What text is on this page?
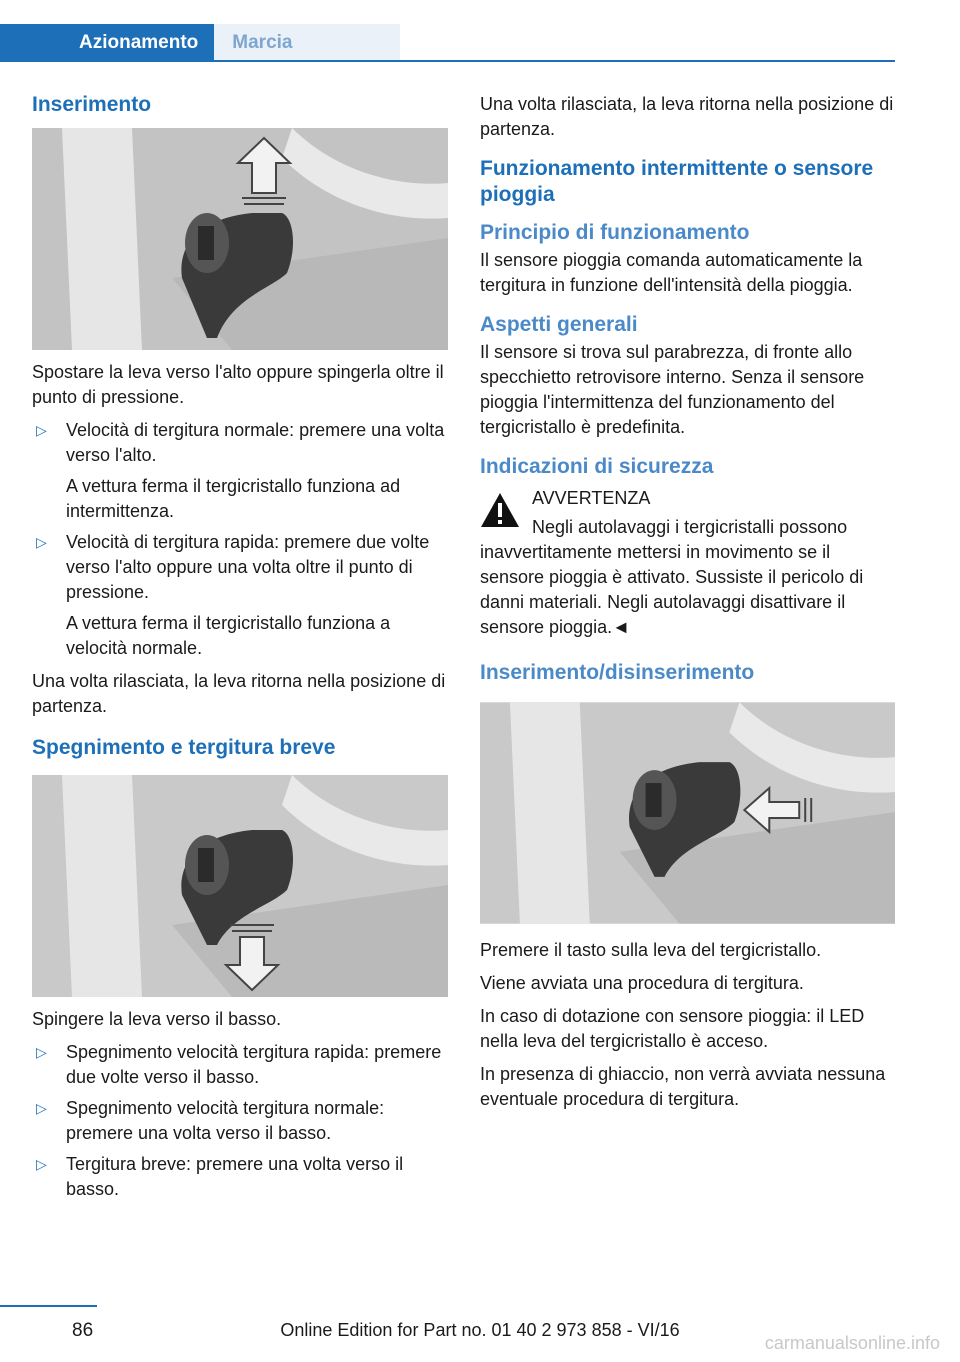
Azionamento	Marcia
Inserimento

Spostare la leva verso l'alto oppure spingerla oltre il punto di pressione.

▷ Velocità di tergitura normale: premere una volta verso l'alto.

A vettura ferma il tergicristallo funziona ad intermittenza.

▷ Velocità di tergitura rapida: premere due volte verso l'alto oppure una volta oltre il punto di pressione.

A vettura ferma il tergicristallo funziona a velocità normale.

Una volta rilasciata, la leva ritorna nella posizione di partenza.

Spegnimento e tergitura breve

Spingere la leva verso il basso.

▷ Spegnimento velocità tergitura rapida: premere due volte verso il basso.
▷ Spegnimento velocità tergitura normale: premere una volta verso il basso.
▷ Tergitura breve: premere una volta verso il basso.

Una volta rilasciata, la leva ritorna nella posizione di partenza.

Funzionamento intermittente o sensore pioggia
Principio di funzionamento

Il sensore pioggia comanda automaticamente la tergitura in funzione dell'intensità della pioggia.

Aspetti generali

Il sensore si trova sul parabrezza, di fronte allo specchietto retrovisore interno. Senza il sensore pioggia l'intermittenza del funzionamento del tergicristallo è predefinita.

Indicazioni di sicurezza
AVVERTENZA
Negli autolavaggi i tergicristalli possono inavvertitamente mettersi in movimento se il sensore pioggia è attivato. Sussiste il pericolo di danni materiali. Negli autolavaggi disattivare il sensore pioggia.◄
Inserimento/disinserimento

Premere il tasto sulla leva del tergicristallo.

Viene avviata una procedura di tergitura.

In caso di dotazione con sensore pioggia: il LED nella leva del tergicristallo è acceso.

In presenza di ghiaccio, non verrà avviata nessuna eventuale procedura di tergitura.

86	Online Edition for Part no. 01 40 2 973 858 - VI/16
carmanualsonline.info
